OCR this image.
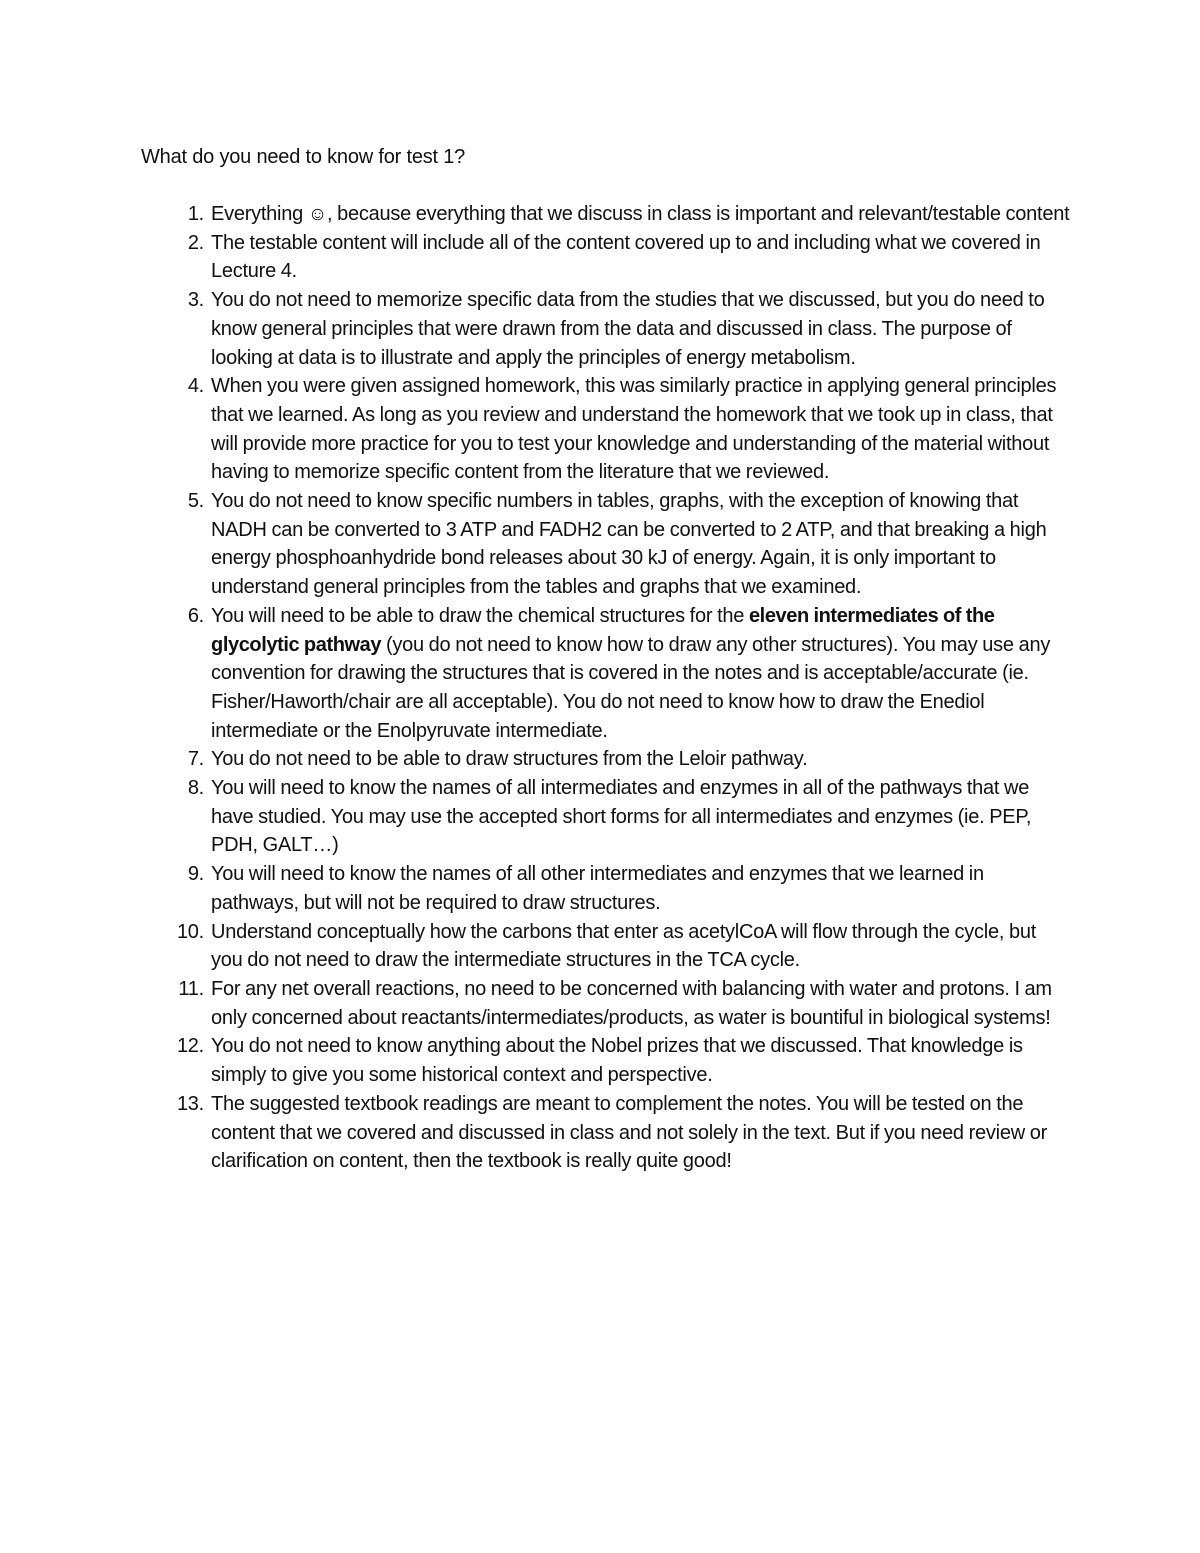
What do you need to know for test 1?

1. Everything ☺, because everything that we discuss in class is important and relevant/testable content
2. The testable content will include all of the content covered up to and including what we covered in Lecture 4.
3. You do not need to memorize specific data from the studies that we discussed, but you do need to know general principles that were drawn from the data and discussed in class. The purpose of looking at data is to illustrate and apply the principles of energy metabolism.
4. When you were given assigned homework, this was similarly practice in applying general principles that we learned. As long as you review and understand the homework that we took up in class, that will provide more practice for you to test your knowledge and understanding of the material without having to memorize specific content from the literature that we reviewed.
5. You do not need to know specific numbers in tables, graphs, with the exception of knowing that NADH can be converted to 3 ATP and FADH2 can be converted to 2 ATP, and that breaking a high energy phosphoanhydride bond releases about 30 kJ of energy. Again, it is only important to understand general principles from the tables and graphs that we examined.
6. You will need to be able to draw the chemical structures for the eleven intermediates of the glycolytic pathway (you do not need to know how to draw any other structures). You may use any convention for drawing the structures that is covered in the notes and is acceptable/accurate (ie. Fisher/Haworth/chair are all acceptable). You do not need to know how to draw the Enediol intermediate or the Enolpyruvate intermediate.
7. You do not need to be able to draw structures from the Leloir pathway.
8. You will need to know the names of all intermediates and enzymes in all of the pathways that we have studied. You may use the accepted short forms for all intermediates and enzymes (ie. PEP, PDH, GALT…)
9. You will need to know the names of all other intermediates and enzymes that we learned in pathways, but will not be required to draw structures.
10. Understand conceptually how the carbons that enter as acetylCoA will flow through the cycle, but you do not need to draw the intermediate structures in the TCA cycle.
11. For any net overall reactions, no need to be concerned with balancing with water and protons. I am only concerned about reactants/intermediates/products, as water is bountiful in biological systems!
12. You do not need to know anything about the Nobel prizes that we discussed. That knowledge is simply to give you some historical context and perspective.
13. The suggested textbook readings are meant to complement the notes. You will be tested on the content that we covered and discussed in class and not solely in the text. But if you need review or clarification on content, then the textbook is really quite good!
